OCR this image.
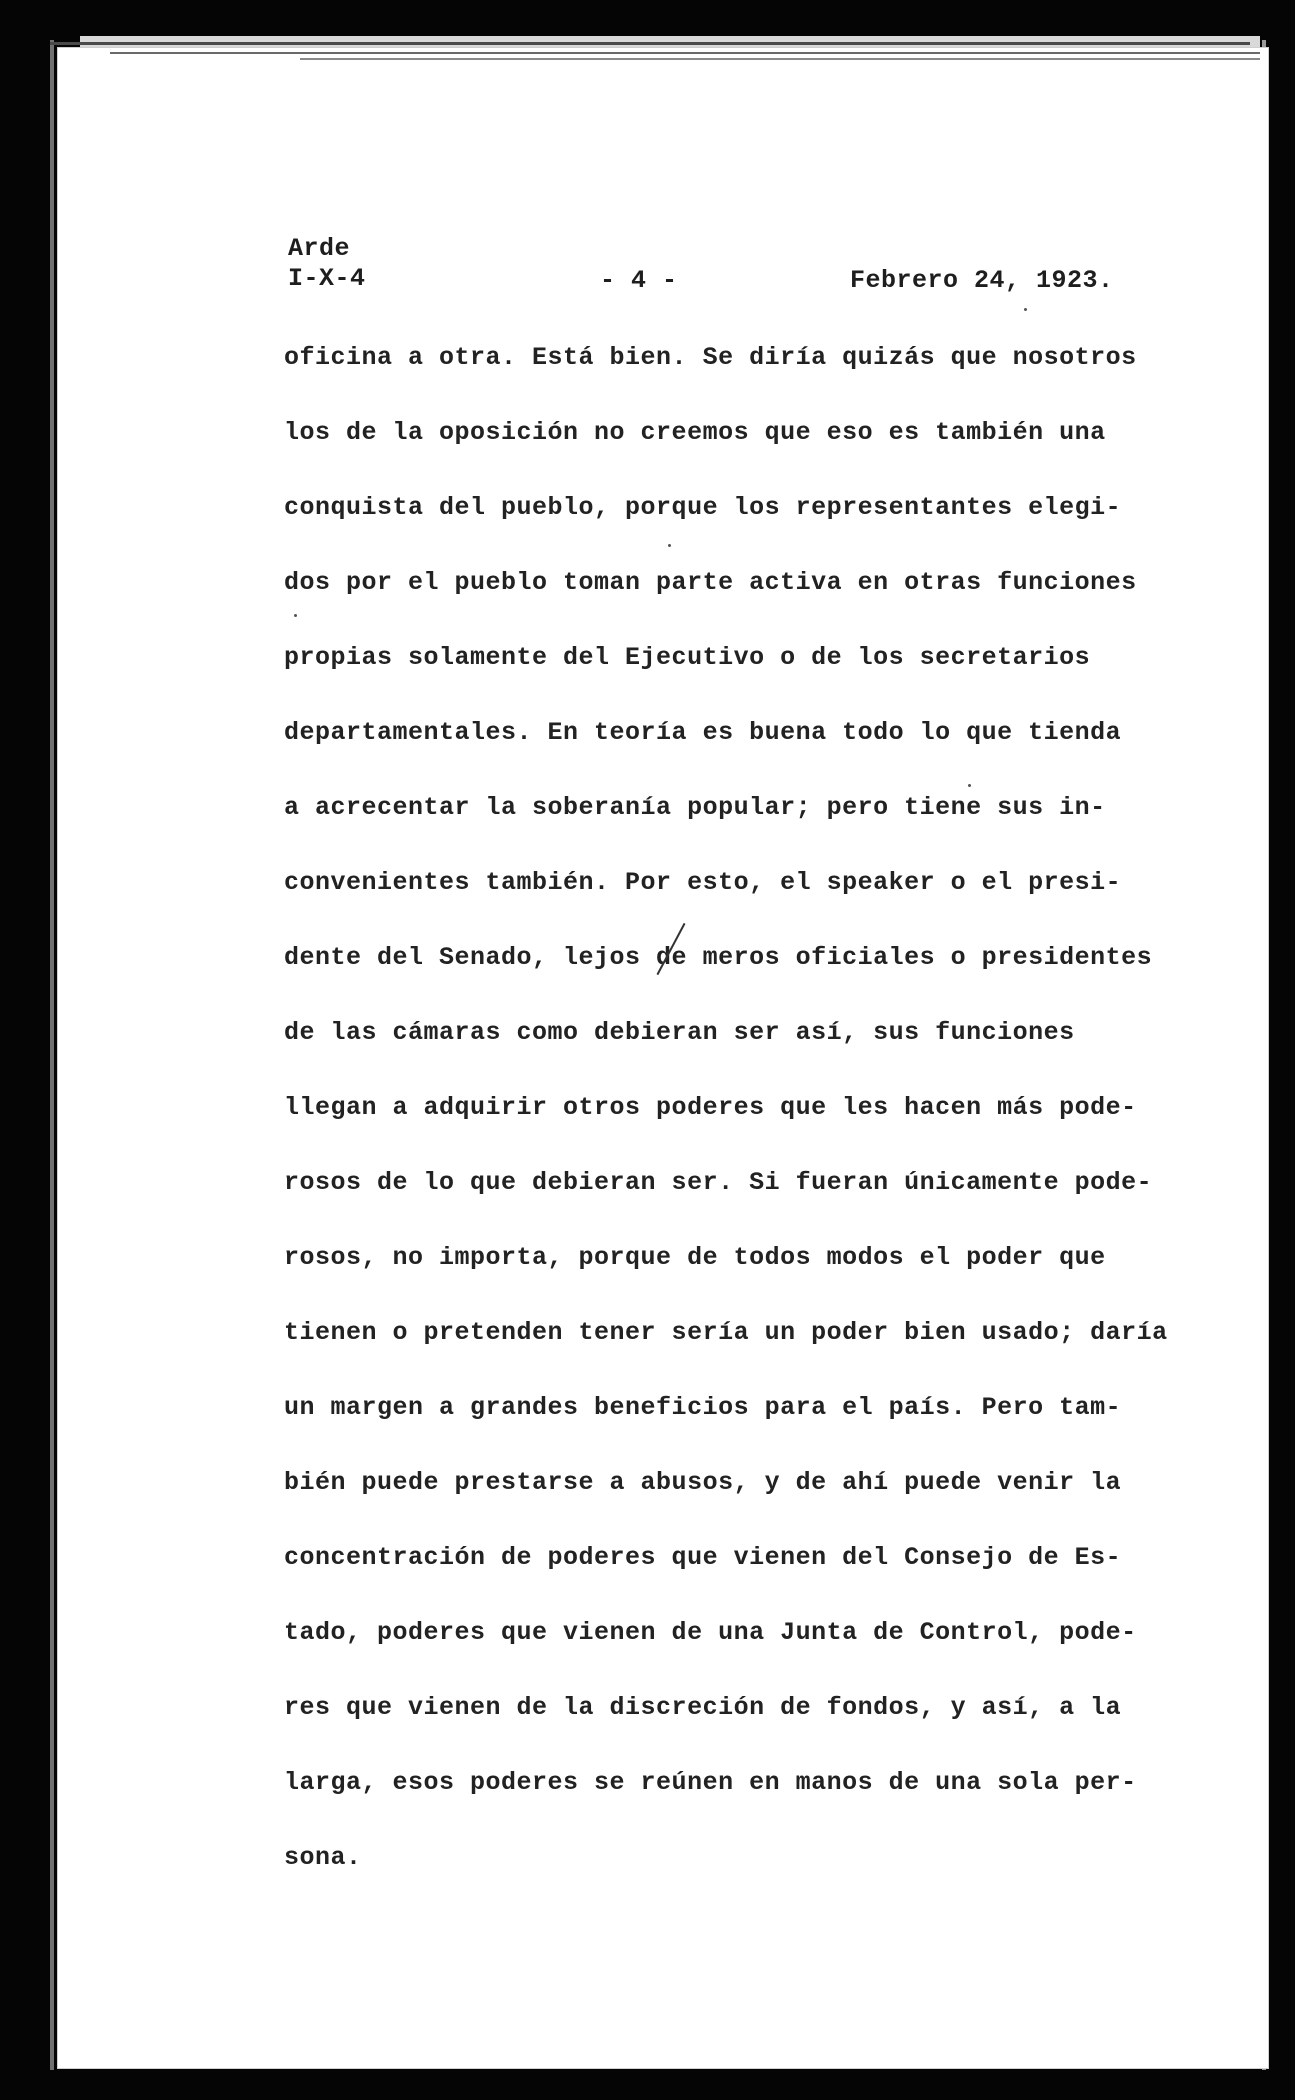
Arde
I-X-4	- 4 -	Febrero 24, 1923.
oficina a otra. Está bien. Se diría quizás que nosotros
los de la oposición no creemos que eso es también una
conquista del pueblo, porque los representantes elegi-
dos por el pueblo toman parte activa en otras funciones
propias solamente del Ejecutivo o de los secretarios
departamentales. En teoría es buena todo lo que tienda
a acrecentar la soberanía popular; pero tiene sus in-
convenientes también. Por esto, el speaker o el presi-
dente del Senado, lejos de meros oficiales o presidentes
de las cámaras como debieran ser así, sus funciones
llegan a adquirir otros poderes que les hacen más pode-
rosos de lo que debieran ser. Si fueran únicamente pode-
rosos, no importa, porque de todos modos el poder que
tienen o pretenden tener sería un poder bien usado; daría
un margen a grandes beneficios para el país. Pero tam-
bién puede prestarse a abusos, y de ahí puede venir la
concentración de poderes que vienen del Consejo de Es-
tado, poderes que vienen de una Junta de Control, pode-
res que vienen de la discreción de fondos, y así, a la
larga, esos poderes se reúnen en manos de una sola per-
sona.
